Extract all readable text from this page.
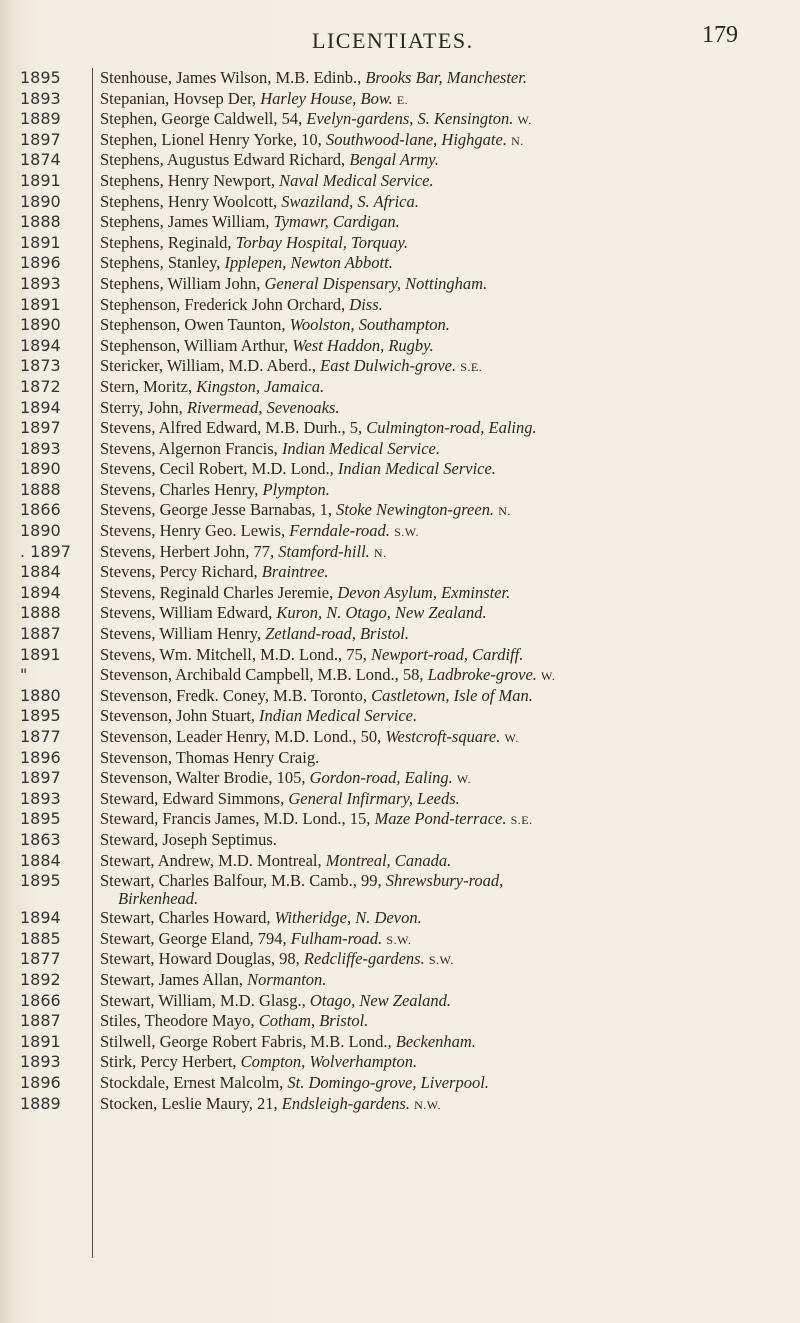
LICENTIATES.	179
1895	Stenhouse, James Wilson, M.B. Edinb., Brooks Bar, Manchester.
1893	Stepanian, Hovsep Der, Harley House, Bow. E.
1889	Stephen, George Caldwell, 54, Evelyn-gardens, S. Kensington. W.
1897	Stephen, Lionel Henry Yorke, 10, Southwood-lane, Highgate. N.
1874	Stephens, Augustus Edward Richard, Bengal Army.
1891	Stephens, Henry Newport, Naval Medical Service.
1890	Stephens, Henry Woolcott, Swaziland, S. Africa.
1888	Stephens, James William, Tymawr, Cardigan.
1891	Stephens, Reginald, Torbay Hospital, Torquay.
1896	Stephens, Stanley, Ipplepen, Newton Abbott.
1893	Stephens, William John, General Dispensary, Nottingham.
1891	Stephenson, Frederick John Orchard, Diss.
1890	Stephenson, Owen Taunton, Woolston, Southampton.
1894	Stephenson, William Arthur, West Haddon, Rugby.
1873	Stericker, William, M.D. Aberd., East Dulwich-grove. S.E.
1872	Stern, Moritz, Kingston, Jamaica.
1894	Sterry, John, Rivermead, Sevenoaks.
1897	Stevens, Alfred Edward, M.B. Durh., 5, Culmington-road, Ealing.
1893	Stevens, Algernon Francis, Indian Medical Service.
1890	Stevens, Cecil Robert, M.D. Lond., Indian Medical Service.
1888	Stevens, Charles Henry, Plympton.
1866	Stevens, George Jesse Barnabas, 1, Stoke Newington-green. N.
1890	Stevens, Henry Geo. Lewis, Ferndale-road. S.W.
. 1897	Stevens, Herbert John, 77, Stamford-hill. N.
1884	Stevens, Percy Richard, Braintree.
1894	Stevens, Reginald Charles Jeremie, Devon Asylum, Exminster.
1888	Stevens, William Edward, Kuron, N. Otago, New Zealand.
1887	Stevens, William Henry, Zetland-road, Bristol.
1891	Stevens, Wm. Mitchell, M.D. Lond., 75, Newport-road, Cardiff.
"	Stevenson, Archibald Campbell, M.B. Lond., 58, Ladbroke-grove. W.
1880	Stevenson, Fredk. Coney, M.B. Toronto, Castletown, Isle of Man.
1895	Stevenson, John Stuart, Indian Medical Service.
1877	Stevenson, Leader Henry, M.D. Lond., 50, Westcroft-square. W.
1896	Stevenson, Thomas Henry Craig.
1897	Stevenson, Walter Brodie, 105, Gordon-road, Ealing. W.
1893	Steward, Edward Simmons, General Infirmary, Leeds.
1895	Steward, Francis James, M.D. Lond., 15, Maze Pond-terrace. S.E.
1863	Steward, Joseph Septimus.
1884	Stewart, Andrew, M.D. Montreal, Montreal, Canada.
1895	Stewart, Charles Balfour, M.B. Camb., 99, Shrewsbury-road,
Birkenhead.
1894	Stewart, Charles Howard, Witheridge, N. Devon.
1885	Stewart, George Eland, 794, Fulham-road. S.W.
1877	Stewart, Howard Douglas, 98, Redcliffe-gardens. S.W.
1892	Stewart, James Allan, Normanton.
1866	Stewart, William, M.D. Glasg., Otago, New Zealand.
1887	Stiles, Theodore Mayo, Cotham, Bristol.
1891	Stilwell, George Robert Fabris, M.B. Lond., Beckenham.
1893	Stirk, Percy Herbert, Compton, Wolverhampton.
1896	Stockdale, Ernest Malcolm, St. Domingo-grove, Liverpool.
1889	Stocken, Leslie Maury, 21, Endsleigh-gardens. N.W.
